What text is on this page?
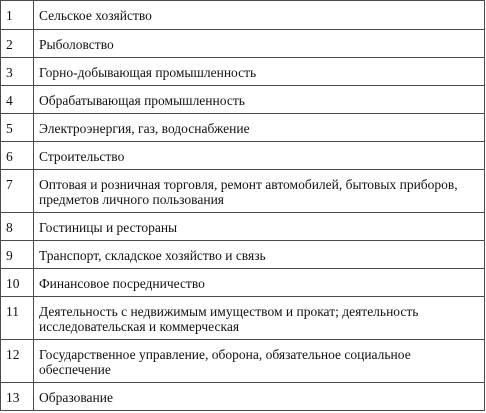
1	Сельское хозяйство
2	Рыболовство
3	Горно-добывающая промышленность
4	Обрабатывающая промышленность
5	Электроэнергия, газ, водоснабжение
6	Строительство
7	Оптовая и розничная торговля, ремонт автомобилей, бытовых приборов, предметов личного пользования
8	Гостиницы и рестораны
9	Транспорт, складское хозяйство и связь
10	Финансовое посредничество
11	Деятельность с недвижимым имуществом и прокат; деятельность исследовательская и коммерческая
12	Государственное управление, оборона, обязательное социальное обеспечение
13	Образование
